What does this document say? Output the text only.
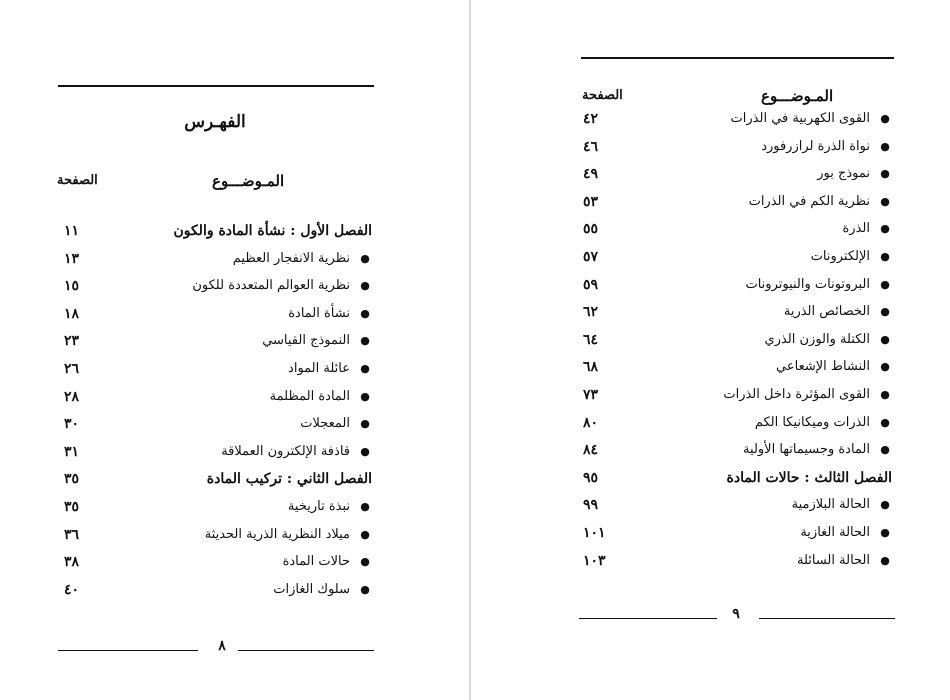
الفهـرس
المـوضـــوع
الصفحة
الفصل الأول : نشأة المادة والكون
١١
●
نظرية الانفجار العظيم
١٣
●
نظرية العوالم المتعددة للكون
١٥
●
نشأة المادة
١٨
●
النموذج القياسي
٢٣
●
عائلة المواد
٢٦
●
المادة المظلمة
٢٨
●
المعجلات
٣٠
●
قاذفة الإلكترون العملاقة
٣١
الفصل الثاني : تركيب المادة
٣٥
●
نبذة تاريخية
٣٥
●
ميلاد النظرية الذرية الحديثة
٣٦
●
حالات المادة
٣٨
●
سلوك الغازات
٤٠
٨
المـوضـــوع
الصفحة
●
القوى الكهربية في الذرات
٤٢
●
نواة الذرة لرازرفورد
٤٦
●
نموذج بور
٤٩
●
نظرية الكم في الذرات
٥٣
●
الذرة
٥٥
●
الإلكترونات
٥٧
●
البروتونات والنيوترونات
٥٩
●
الخصائص الذرية
٦٢
●
الكتلة والوزن الذري
٦٤
●
النشاط الإشعاعي
٦٨
●
القوى المؤثرة داخل الذرات
٧٣
●
الذرات وميكانيكا الكم
٨٠
●
المادة وجسيماتها الأولية
٨٤
الفصل الثالث : حالات المادة
٩٥
●
الحالة البلازمية
٩٩
●
الحالة الغازية
١٠١
●
الحالة السائلة
١٠٣
٩
